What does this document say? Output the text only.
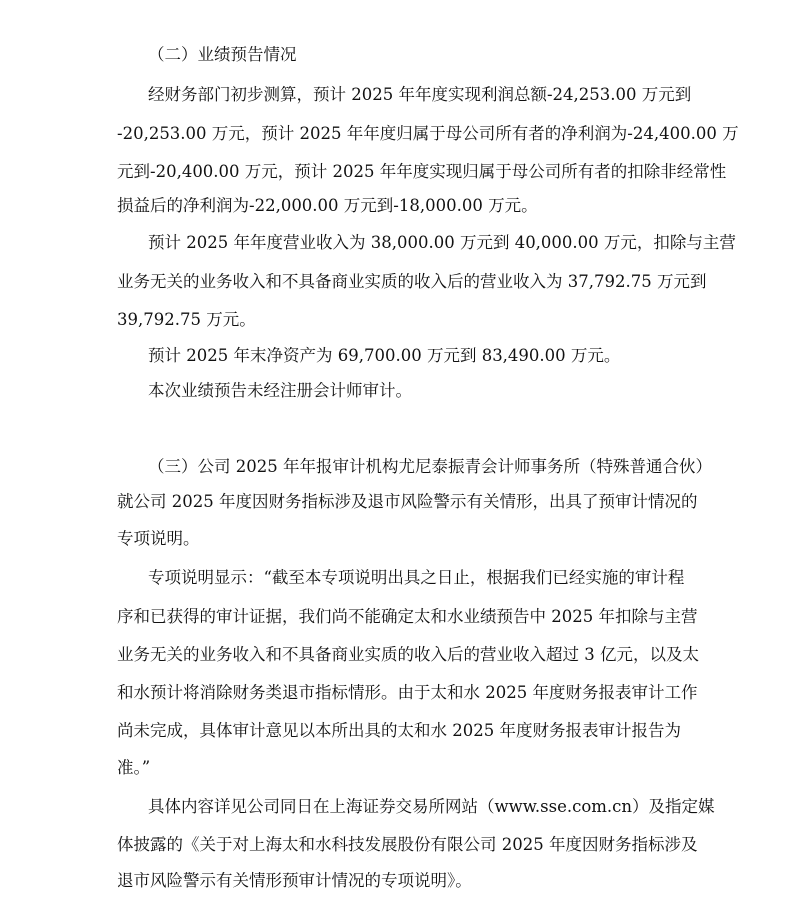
（二）业绩预告情况
经财务部门初步测算，预计 2025 年年度实现利润总额-24,253.00 万元到
-20,253.00 万元，预计 2025 年年度归属于母公司所有者的净利润为-24,400.00 万
元到-20,400.00 万元，预计 2025 年年度实现归属于母公司所有者的扣除非经常性
损益后的净利润为-22,000.00 万元到-18,000.00 万元。
预计 2025 年年度营业收入为 38,000.00 万元到 40,000.00 万元，扣除与主营
业务无关的业务收入和不具备商业实质的收入后的营业收入为 37,792.75 万元到
39,792.75 万元。
预计 2025 年末净资产为 69,700.00 万元到 83,490.00 万元。
本次业绩预告未经注册会计师审计。
（三）公司 2025 年年报审计机构尤尼泰振青会计师事务所（特殊普通合伙）
就公司 2025 年度因财务指标涉及退市风险警示有关情形，出具了预审计情况的
专项说明。
专项说明显示：“截至本专项说明出具之日止，根据我们已经实施的审计程
序和已获得的审计证据，我们尚不能确定太和水业绩预告中 2025 年扣除与主营
业务无关的业务收入和不具备商业实质的收入后的营业收入超过 3 亿元，以及太
和水预计将消除财务类退市指标情形。由于太和水 2025 年度财务报表审计工作
尚未完成，具体审计意见以本所出具的太和水 2025 年度财务报表审计报告为
准。”
具体内容详见公司同日在上海证券交易所网站（www.sse.com.cn）及指定媒
体披露的《关于对上海太和水科技发展股份有限公司 2025 年度因财务指标涉及
退市风险警示有关情形预审计情况的专项说明》。
